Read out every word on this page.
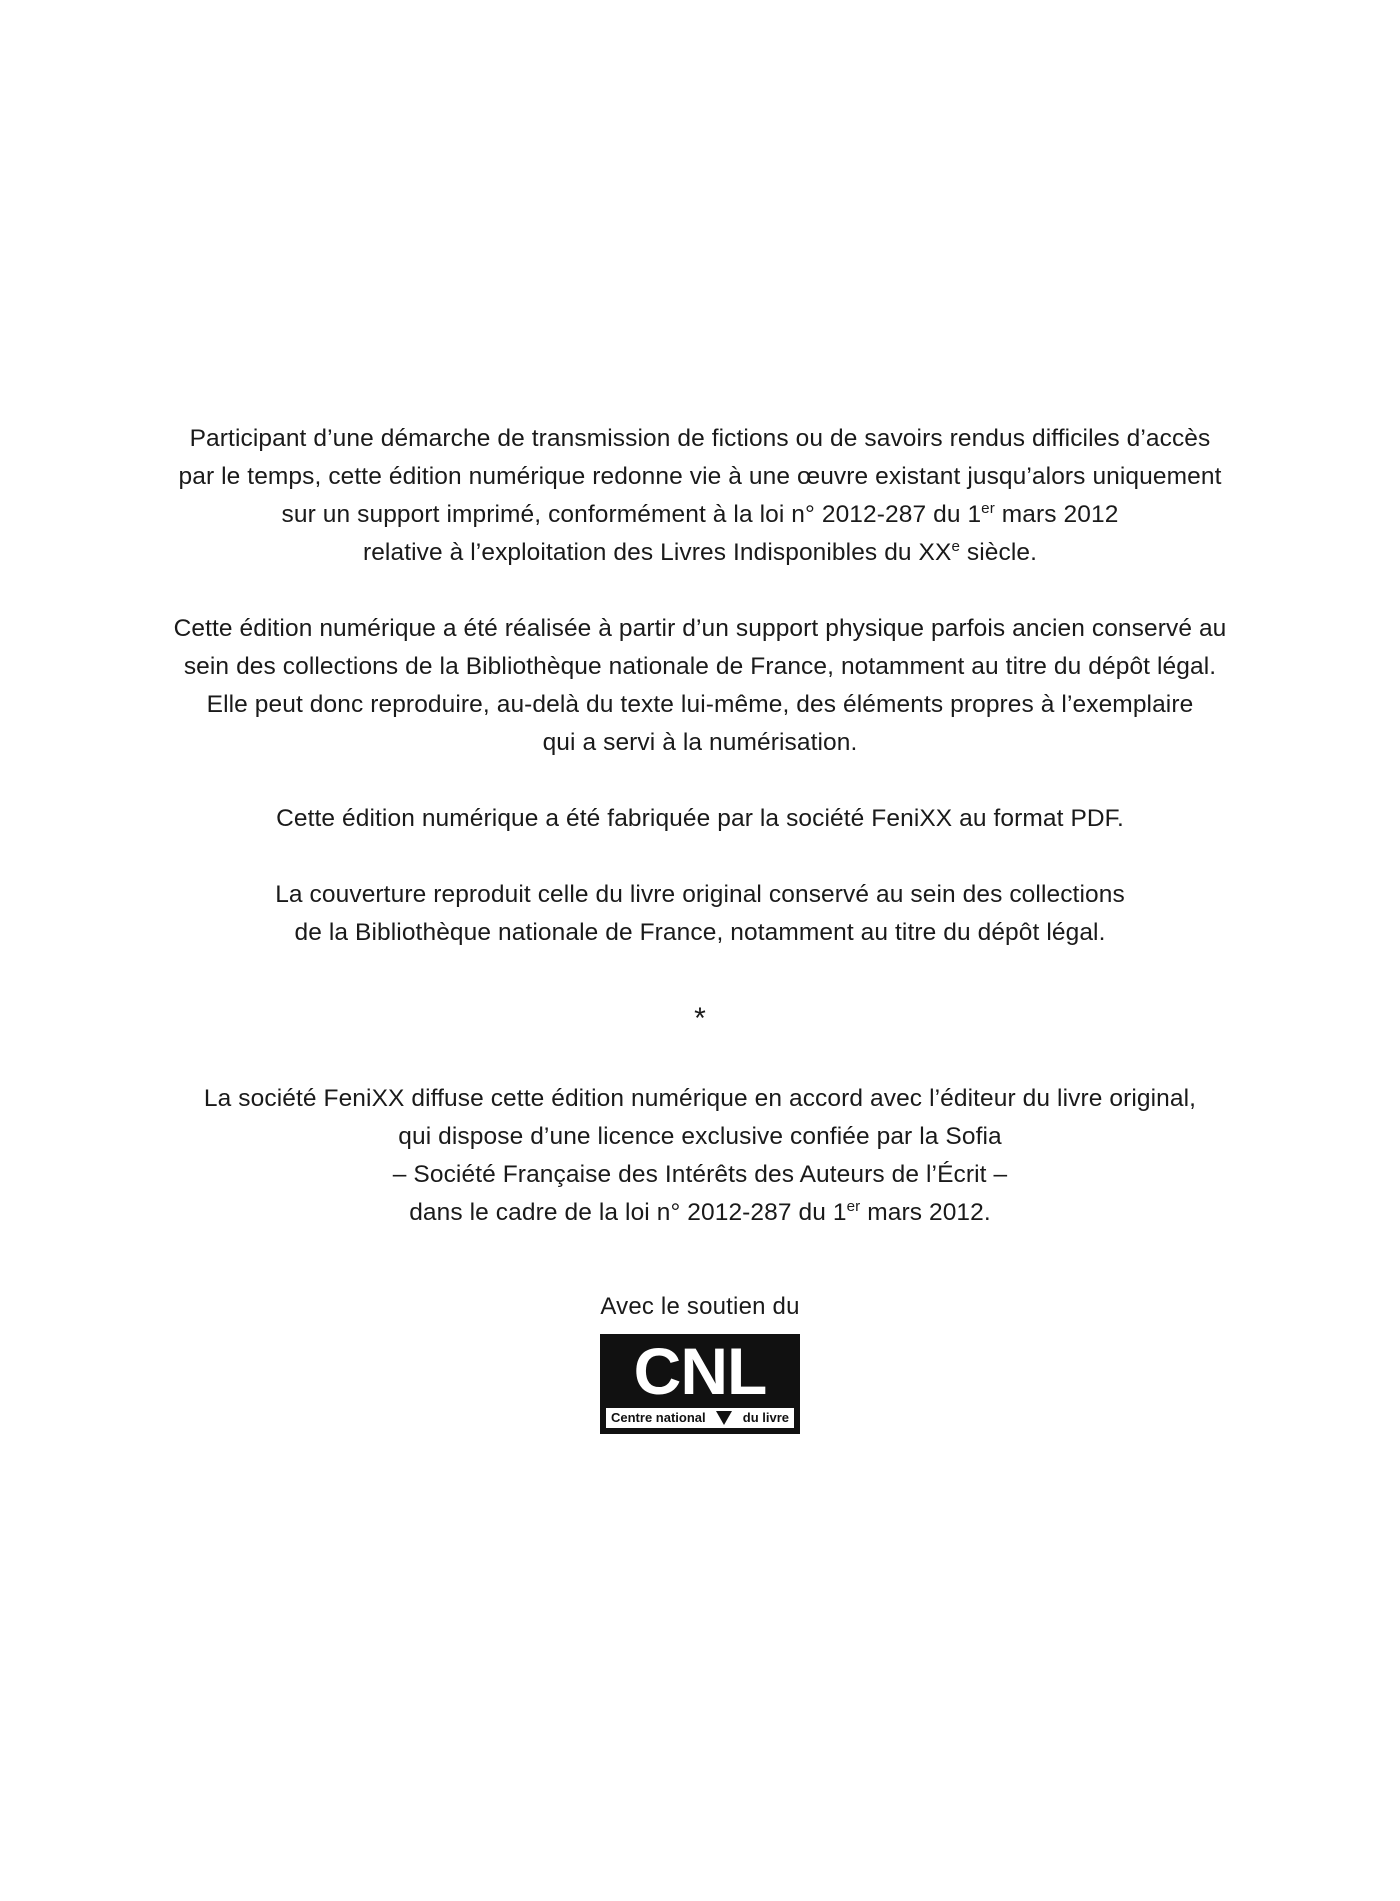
Participant d’une démarche de transmission de fictions ou de savoirs rendus difficiles d’accès
par le temps, cette édition numérique redonne vie à une œuvre existant jusqu’alors uniquement
sur un support imprimé, conformément à la loi n° 2012-287 du 1er mars 2012
relative à l’exploitation des Livres Indisponibles du XXe siècle.

Cette édition numérique a été réalisée à partir d’un support physique parfois ancien conservé au
sein des collections de la Bibliothèque nationale de France, notamment au titre du dépôt légal.
Elle peut donc reproduire, au-delà du texte lui-même, des éléments propres à l’exemplaire
qui a servi à la numérisation.

Cette édition numérique a été fabriquée par la société FeniXX au format PDF.

La couverture reproduit celle du livre original conservé au sein des collections
de la Bibliothèque nationale de France, notamment au titre du dépôt légal.

*

La société FeniXX diffuse cette édition numérique en accord avec l’éditeur du livre original,
qui dispose d’une licence exclusive confiée par la Sofia
– Société Française des Intérêts des Auteurs de l’Écrit –
dans le cadre de la loi n° 2012-287 du 1er mars 2012.

Avec le soutien du
CNL
Centre national	du livre
